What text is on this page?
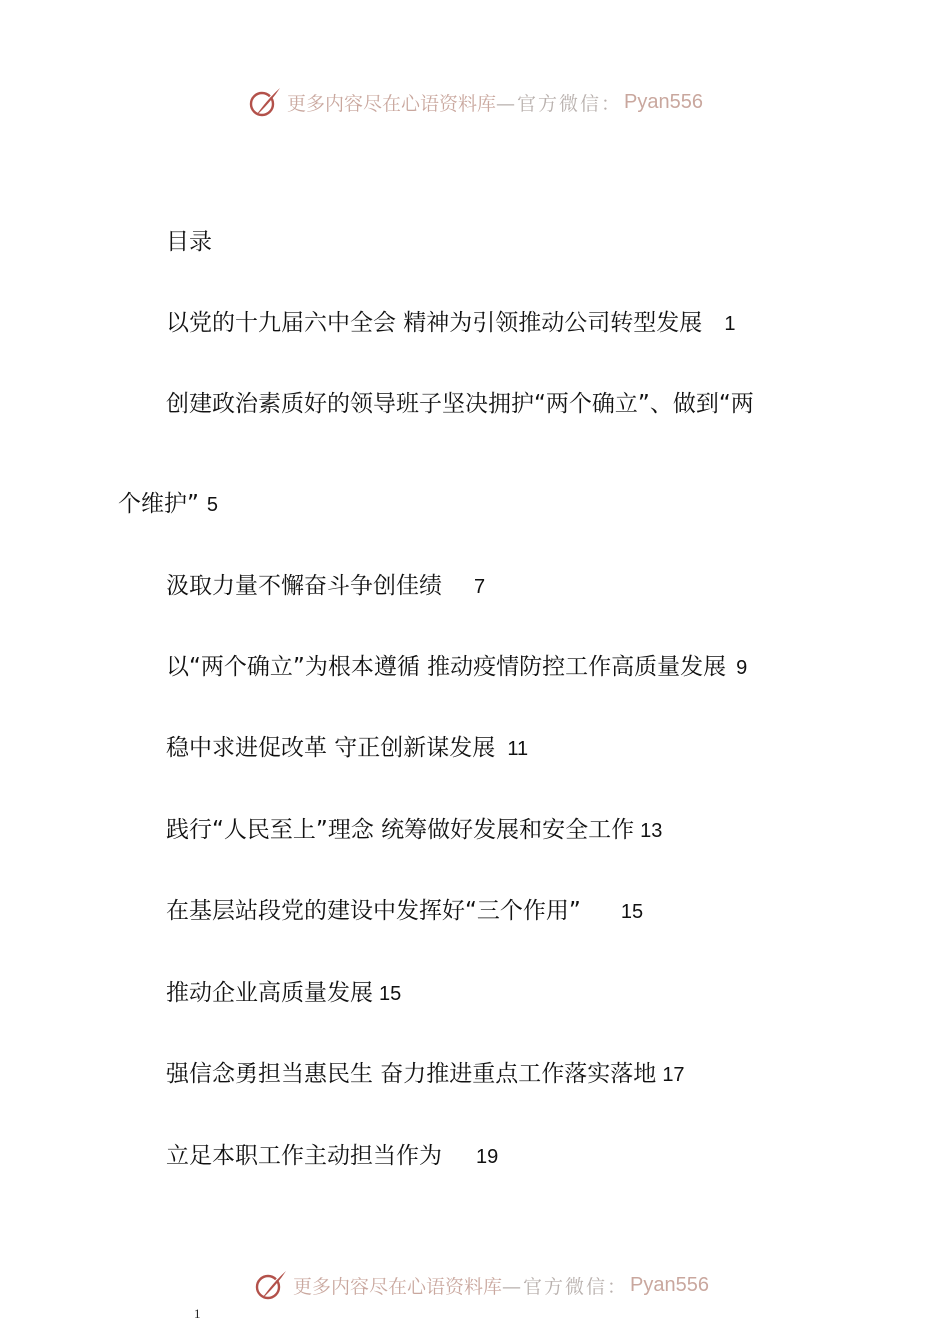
更多内容尽在心语资料库 —官方微信： Pyan556
目录
以党的十九届六中全会 精神为引领推动公司转型发展 1
创建政治素质好的领导班子坚决拥护“两个确立”、做到“两
个维护” 5
汲取力量不懈奋斗争创佳绩 7
以“两个确立”为根本遵循 推动疫情防控工作高质量发展 9
稳中求进促改革 守正创新谋发展 11
践行“人民至上”理念 统筹做好发展和安全工作 13
在基层站段党的建设中发挥好“三个作用” 15
推动企业高质量发展 15
强信念勇担当惠民生 奋力推进重点工作落实落地 17
立足本职工作主动担当作为 19
更多内容尽在心语资料库 —官方微信： Pyan556
1
